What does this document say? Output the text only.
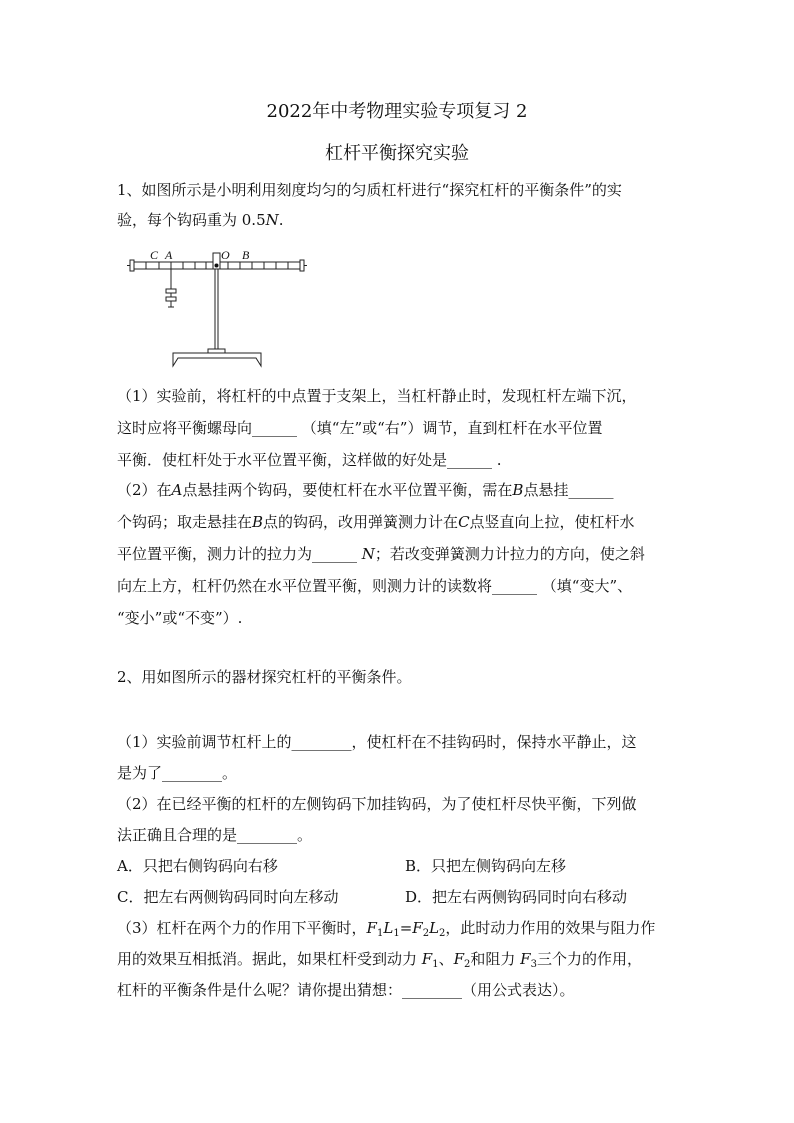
2022年中考物理实验专项复习 2
杠杆平衡探究实验
1、如图所示是小明利用刻度均匀的匀质杠杆进行“探究杠杆的平衡条件”的实
验，每个钩码重为 0.5N.
C A	O B
（1）实验前，将杠杆的中点置于支架上，当杠杆静止时，发现杠杆左端下沉，
这时应将平衡螺母向______ （填“左”或“右”）调节，直到杠杆在水平位置
平衡．使杠杆处于水平位置平衡，这样做的好处是______ .
（2）在A点悬挂两个钩码，要使杠杆在水平位置平衡，需在B点悬挂______
个钩码；取走悬挂在B点的钩码，改用弹簧测力计在C点竖直向上拉，使杠杆水
平位置平衡，测力计的拉力为______ N；若改变弹簧测力计拉力的方向，使之斜
向左上方，杠杆仍然在水平位置平衡，则测力计的读数将______ （填“变大”、
“变小”或“不变”）.
2、用如图所示的器材探究杠杆的平衡条件。
（1）实验前调节杠杆上的________，使杠杆在不挂钩码时，保持水平静止，这
是为了________。
（2）在已经平衡的杠杆的左侧钩码下加挂钩码，为了使杠杆尽快平衡，下列做
法正确且合理的是________。
A．只把右侧钩码向右移	B．只把左侧钩码向左移
C．把左右两侧钩码同时向左移动	D．把左右两侧钩码同时向右移动
（3）杠杆在两个力的作用下平衡时，$F_1L_1=F_2L_2$，此时动力作用的效果与阻力作
用的效果互相抵消。据此，如果杠杆受到动力 $F_1$、$F_2$和阻力 $F_3$三个力的作用，
杠杆的平衡条件是什么呢？请你提出猜想：________（用公式表达）。
